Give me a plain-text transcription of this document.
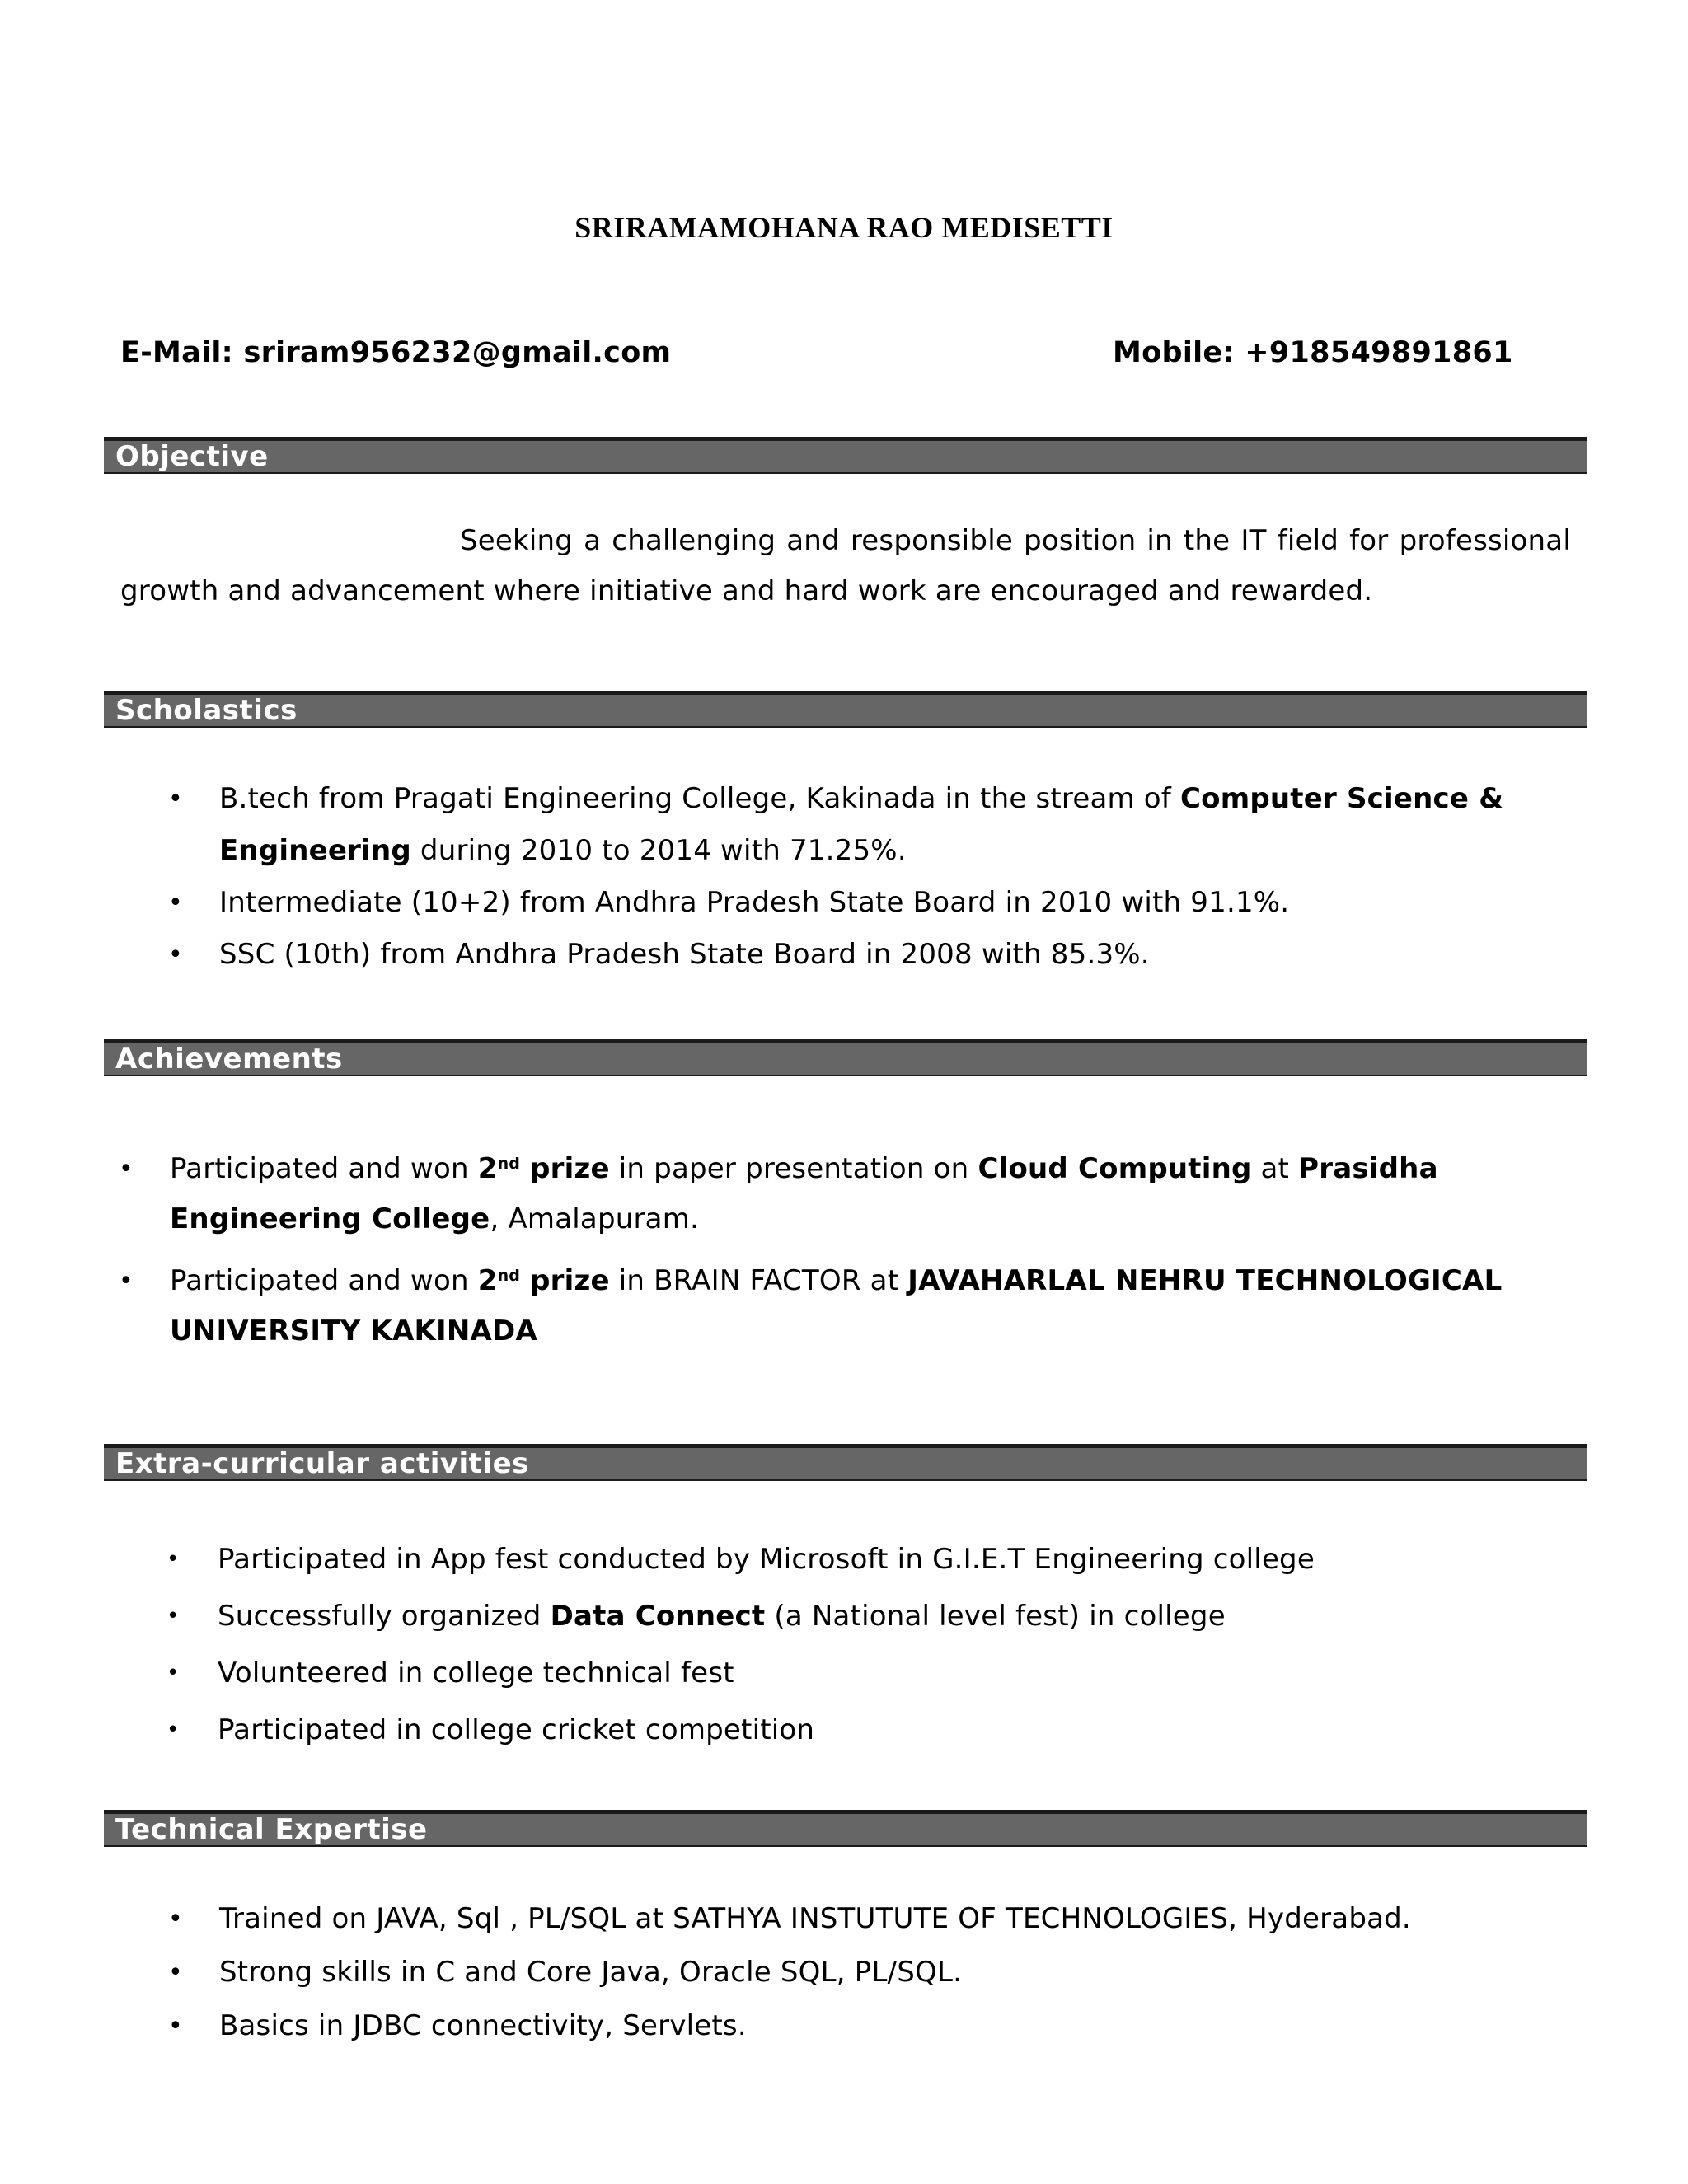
SRIRAMAMOHANA RAO MEDISETTI
E-Mail: sriram956232@gmail.com	Mobile: +918549891861
Objective
Seeking a challenging and responsible position in the IT field for professional growth and advancement where initiative and hard work are encouraged and rewarded.
Scholastics
• B.tech from Pragati Engineering College, Kakinada in the stream of Computer Science & Engineering during 2010 to 2014 with 71.25%.
• Intermediate (10+2) from Andhra Pradesh State Board in 2010 with 91.1%.
• SSC (10th) from Andhra Pradesh State Board in 2008 with 85.3%.
Achievements
• Participated and won 2nd prize in paper presentation on Cloud Computing at Prasidha Engineering College, Amalapuram.
• Participated and won 2nd prize in BRAIN FACTOR at JAVAHARLAL NEHRU TECHNOLOGICAL UNIVERSITY KAKINADA
Extra-curricular activities
• Participated in App fest conducted by Microsoft in G.I.E.T Engineering college
• Successfully organized Data Connect (a National level fest) in college
• Volunteered in college technical fest
• Participated in college cricket competition
Technical Expertise
• Trained on JAVA, Sql , PL/SQL at SATHYA INSTUTUTE OF TECHNOLOGIES, Hyderabad.
• Strong skills in C and Core Java, Oracle SQL, PL/SQL.
• Basics in JDBC connectivity, Servlets.
